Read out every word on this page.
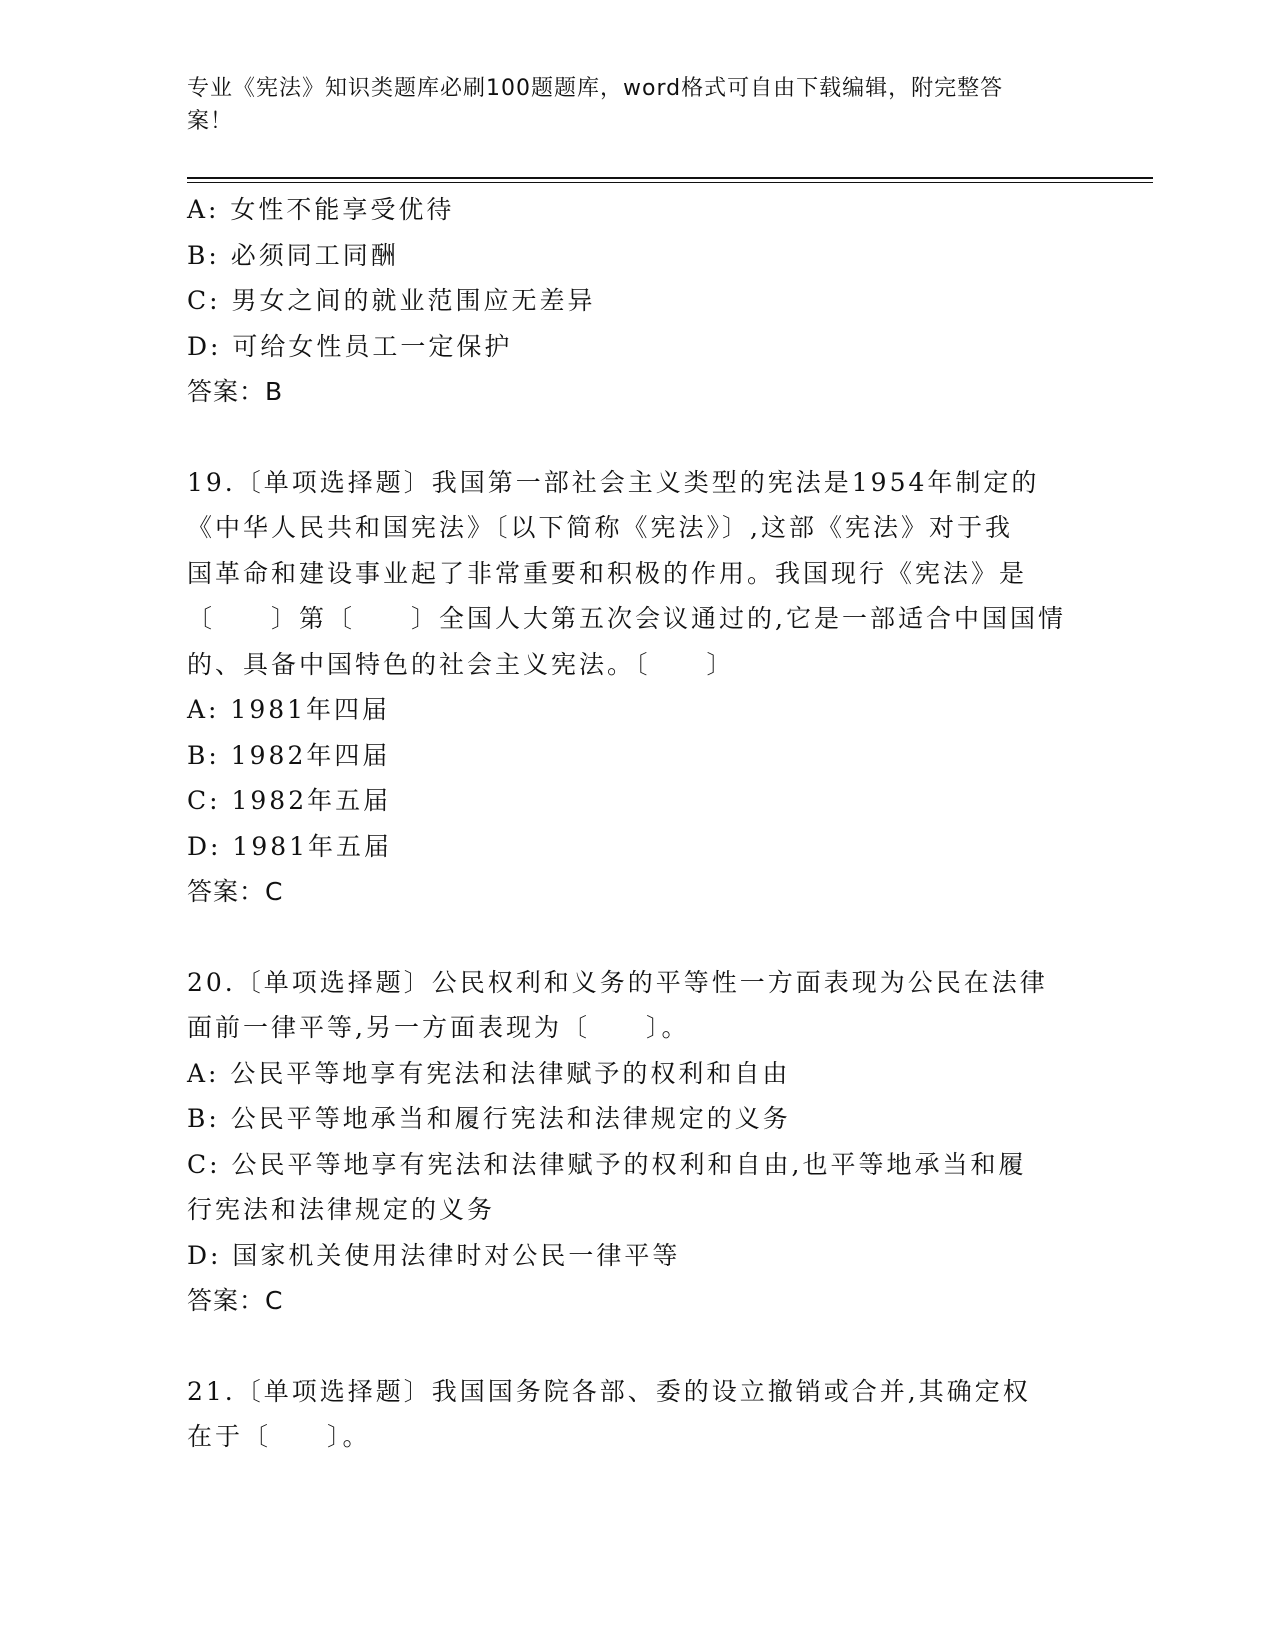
专业《宪法》知识类题库必刷100题题库，word格式可自由下载编辑，附完整答
案！
A: 女性不能享受优待
B: 必须同工同酬
C: 男女之间的就业范围应无差异
D: 可给女性员工一定保护
答案：B
19.〔单项选择题〕我国第一部社会主义类型的宪法是1954年制定的
《中华人民共和国宪法》〔以下简称《宪法》〕,这部《宪法》对于我
国革命和建设事业起了非常重要和积极的作用。我国现行《宪法》是
〔　　〕第〔　　〕全国人大第五次会议通过的,它是一部适合中国国情
的、具备中国特色的社会主义宪法。〔　　〕
A: 1981年四届
B: 1982年四届
C: 1982年五届
D: 1981年五届
答案：C
20.〔单项选择题〕公民权利和义务的平等性一方面表现为公民在法律
面前一律平等,另一方面表现为〔　　〕。
A: 公民平等地享有宪法和法律赋予的权利和自由
B: 公民平等地承当和履行宪法和法律规定的义务
C: 公民平等地享有宪法和法律赋予的权利和自由,也平等地承当和履
行宪法和法律规定的义务
D: 国家机关使用法律时对公民一律平等
答案：C
21.〔单项选择题〕我国国务院各部、委的设立撤销或合并,其确定权
在于〔　　〕。
